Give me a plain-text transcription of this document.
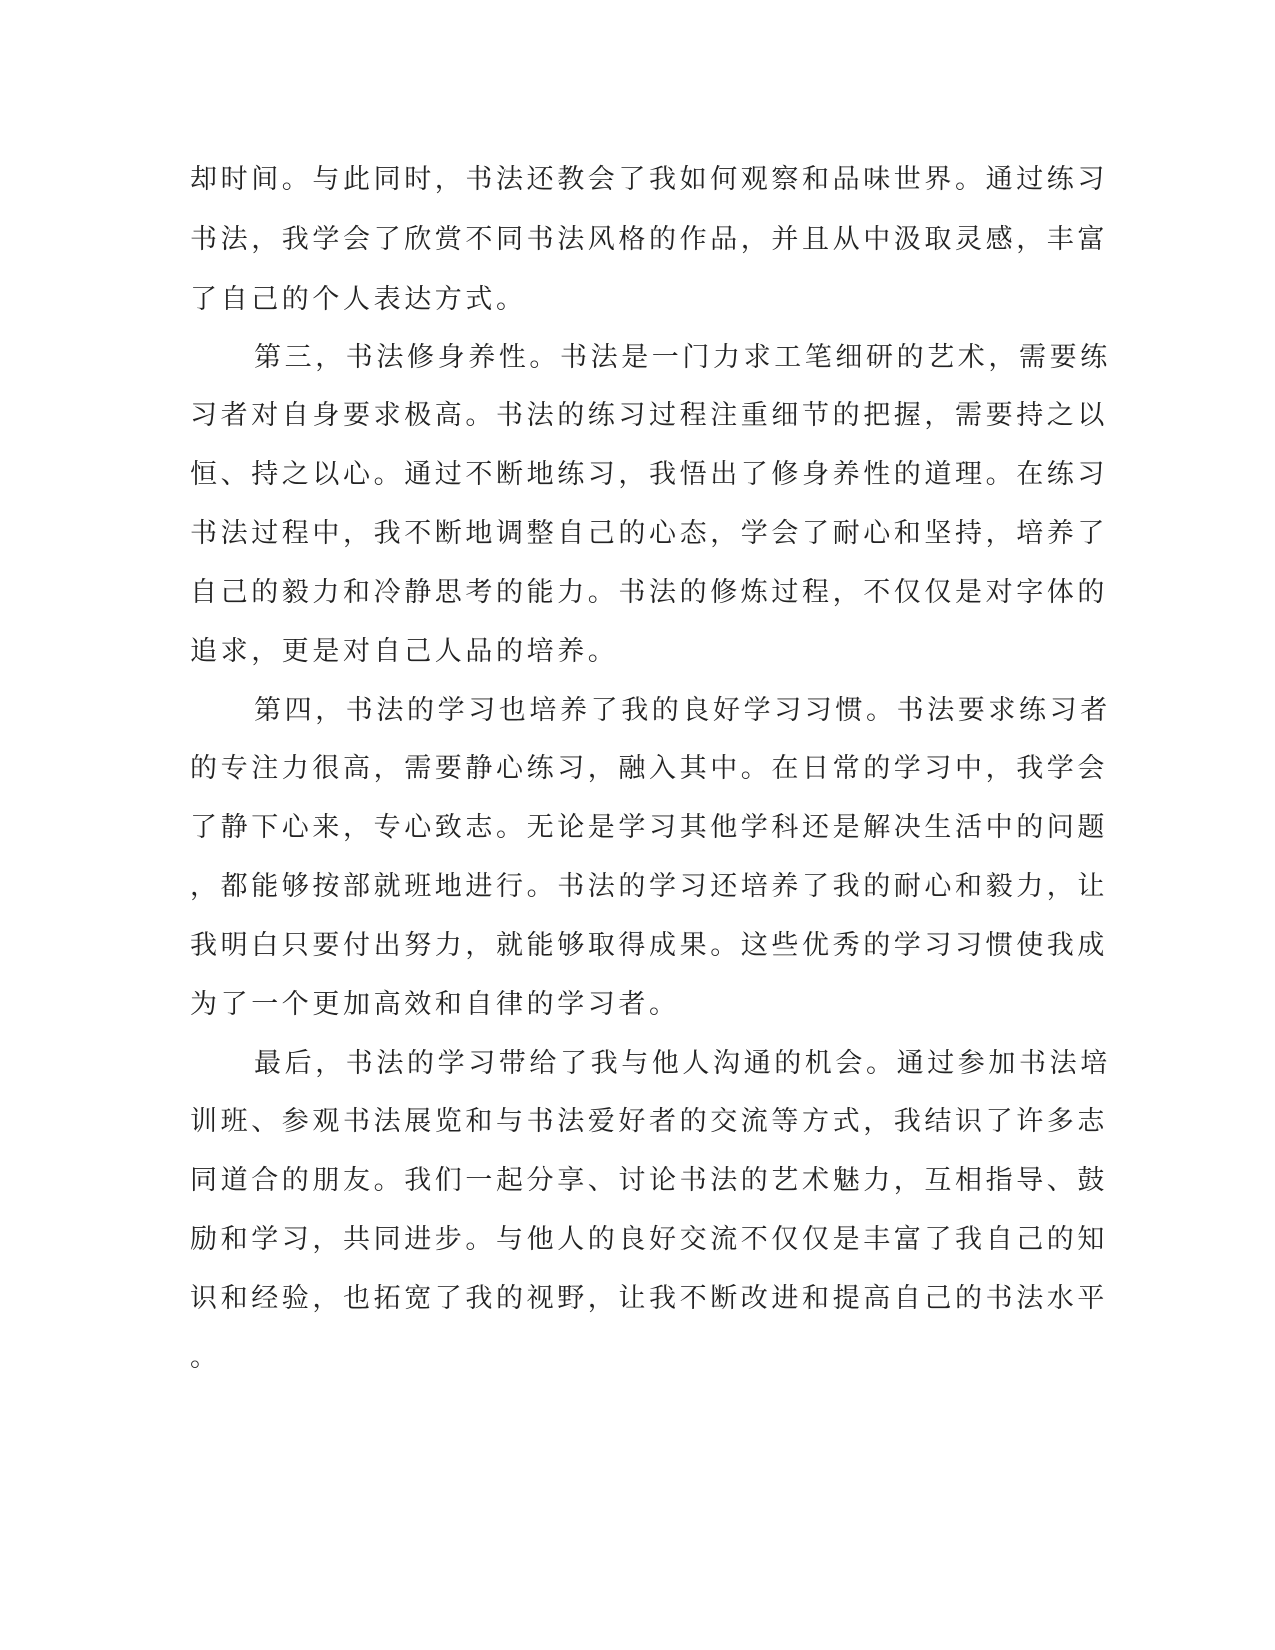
却时间。与此同时，书法还教会了我如何观察和品味世界。通过练习
书法，我学会了欣赏不同书法风格的作品，并且从中汲取灵感，丰富
了自己的个人表达方式。
第三，书法修身养性。书法是一门力求工笔细研的艺术，需要练
习者对自身要求极高。书法的练习过程注重细节的把握，需要持之以
恒、持之以心。通过不断地练习，我悟出了修身养性的道理。在练习
书法过程中，我不断地调整自己的心态，学会了耐心和坚持，培养了
自己的毅力和冷静思考的能力。书法的修炼过程，不仅仅是对字体的
追求，更是对自己人品的培养。
第四，书法的学习也培养了我的良好学习习惯。书法要求练习者
的专注力很高，需要静心练习，融入其中。在日常的学习中，我学会
了静下心来，专心致志。无论是学习其他学科还是解决生活中的问题
，都能够按部就班地进行。书法的学习还培养了我的耐心和毅力，让
我明白只要付出努力，就能够取得成果。这些优秀的学习习惯使我成
为了一个更加高效和自律的学习者。
最后，书法的学习带给了我与他人沟通的机会。通过参加书法培
训班、参观书法展览和与书法爱好者的交流等方式，我结识了许多志
同道合的朋友。我们一起分享、讨论书法的艺术魅力，互相指导、鼓
励和学习，共同进步。与他人的良好交流不仅仅是丰富了我自己的知
识和经验，也拓宽了我的视野，让我不断改进和提高自己的书法水平
。
